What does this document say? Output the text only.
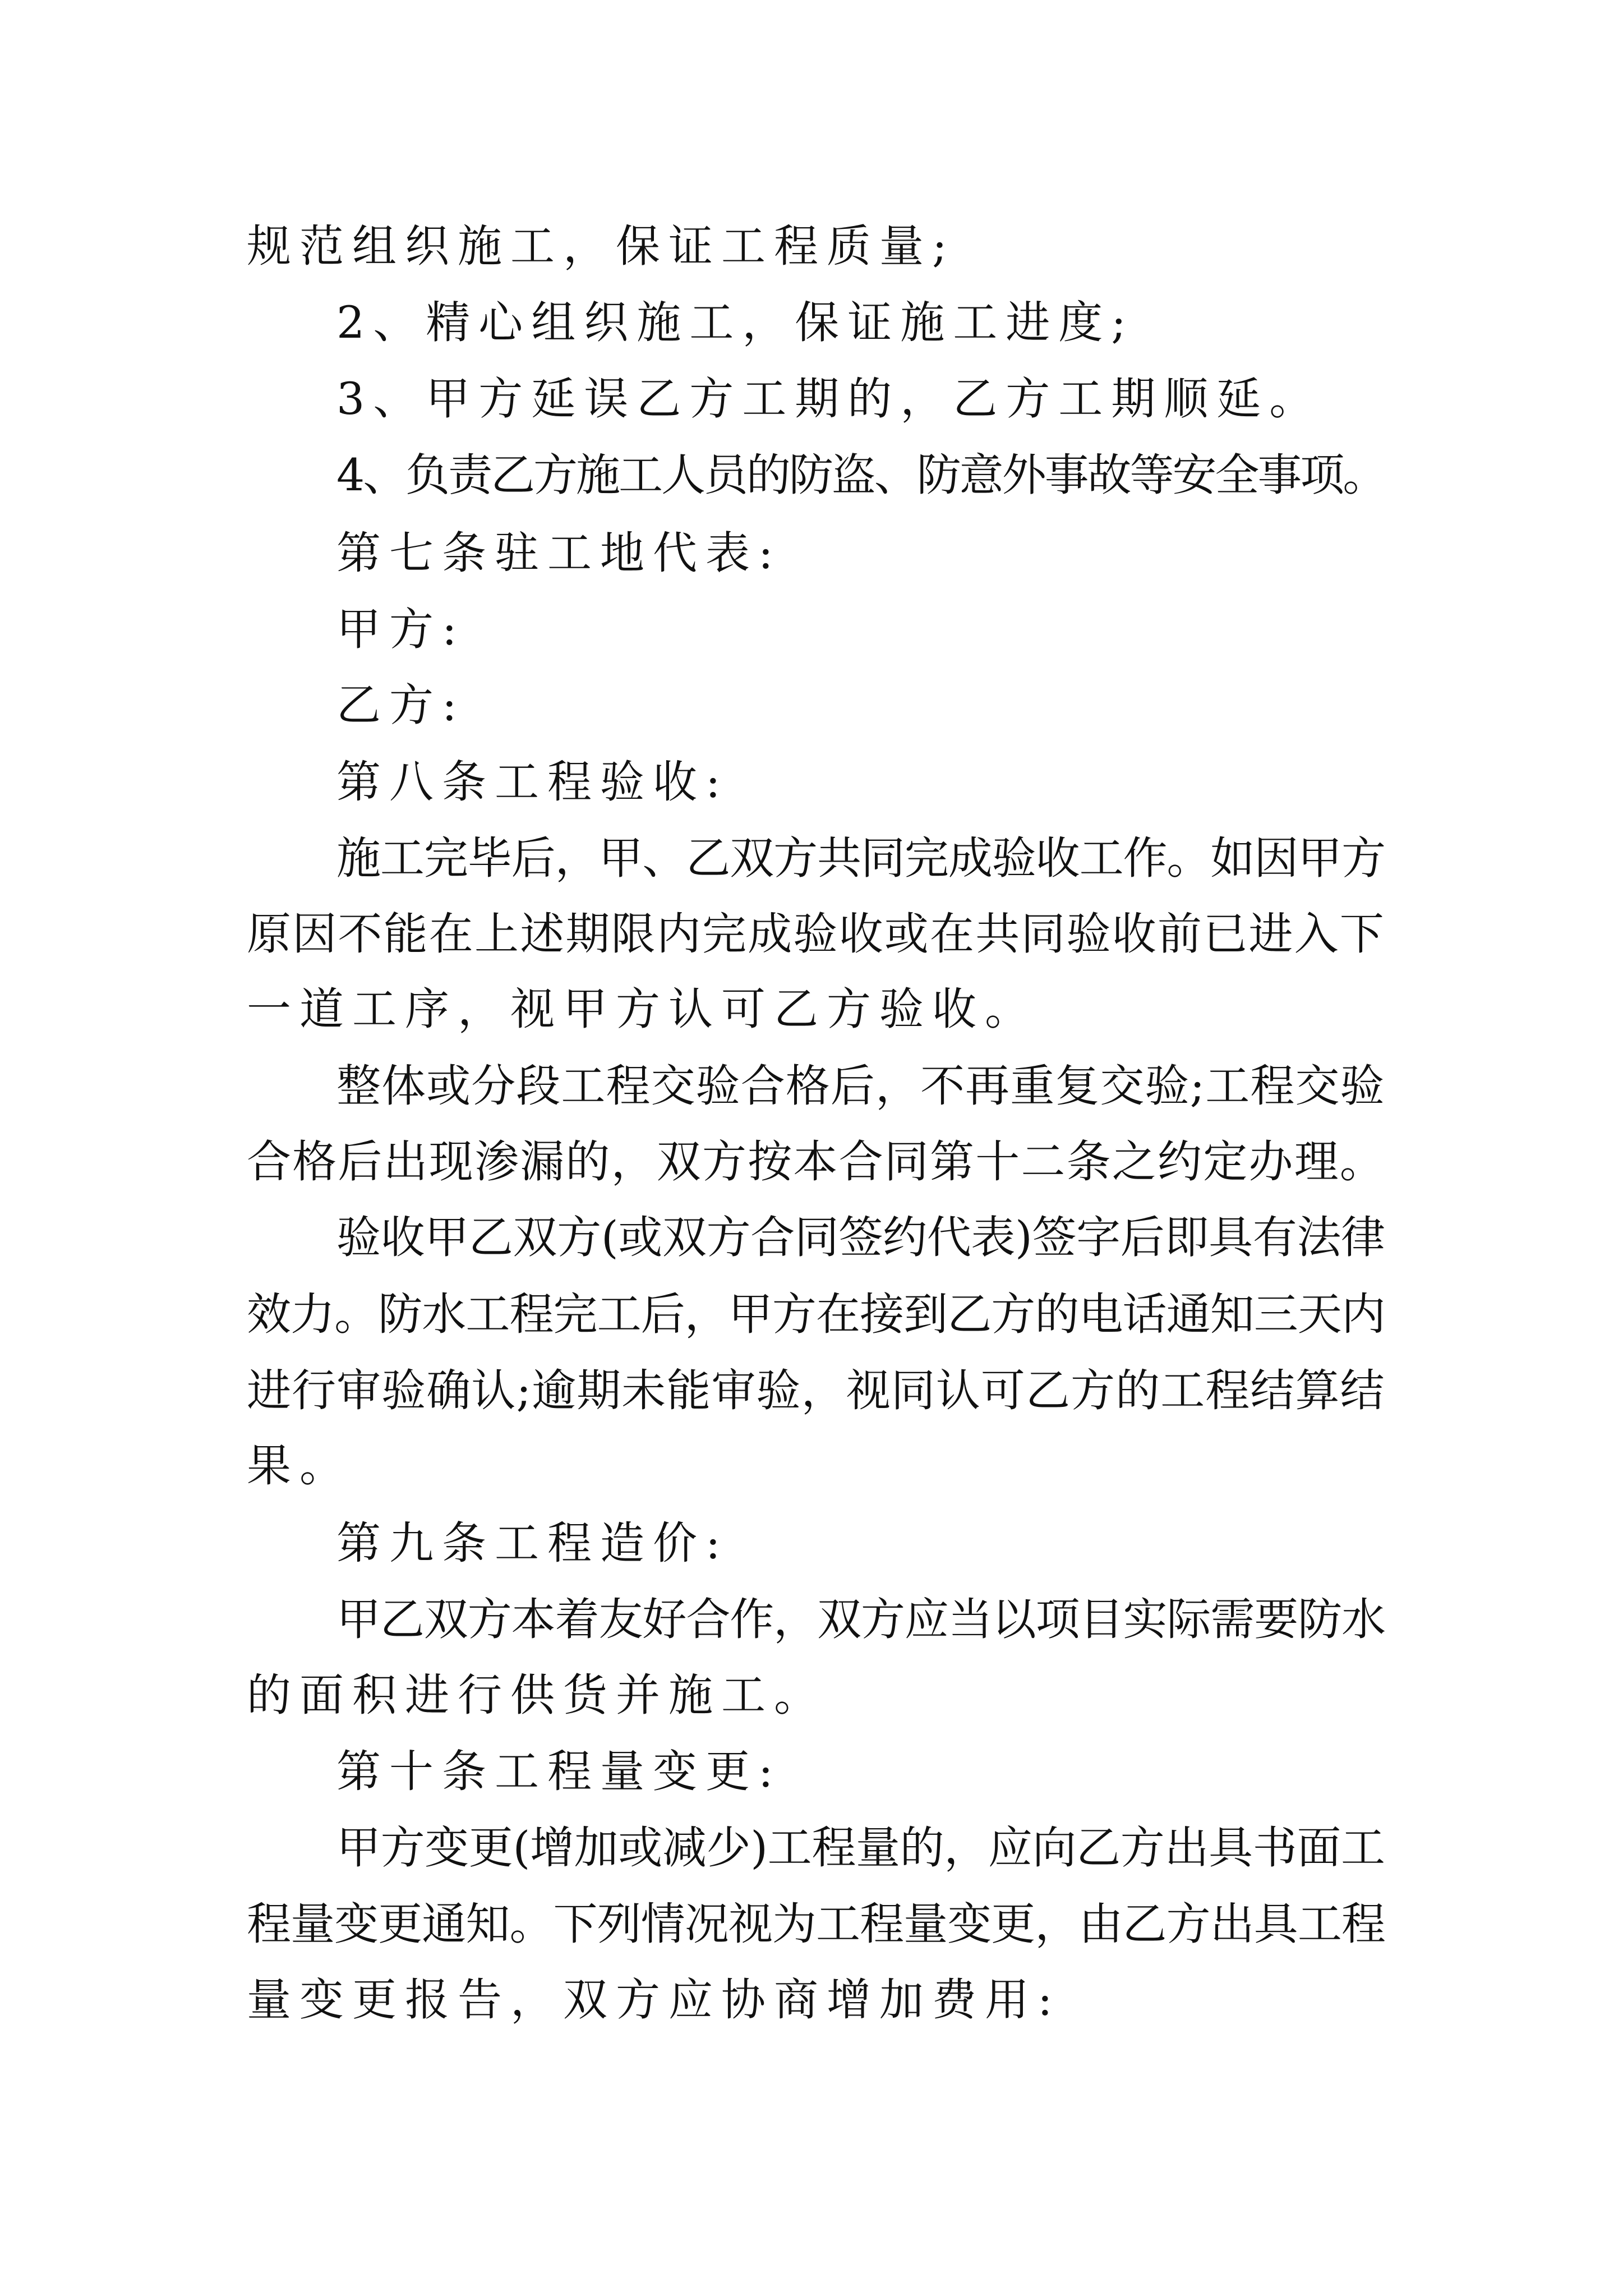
规范组织施工，保证工程质量;

2、精心组织施工，保证施工进度;

3、甲方延误乙方工期的，乙方工期顺延。

4、负责乙方施工人员的防盗、防意外事故等安全事项。

第七条驻工地代表:

甲方:

乙方:

第八条工程验收:

施工完毕后，甲、乙双方共同完成验收工作。如因甲方

原因不能在上述期限内完成验收或在共同验收前已进入下

一道工序，视甲方认可乙方验收。

整体或分段工程交验合格后，不再重复交验;工程交验

合格后出现渗漏的，双方按本合同第十二条之约定办理。

验收甲乙双方(或双方合同签约代表)签字后即具有法律

效力。防水工程完工后，甲方在接到乙方的电话通知三天内

进行审验确认;逾期未能审验，视同认可乙方的工程结算结

果。

第九条工程造价:

甲乙双方本着友好合作，双方应当以项目实际需要防水

的面积进行供货并施工。

第十条工程量变更:

甲方变更(增加或减少)工程量的，应向乙方出具书面工

程量变更通知。下列情况视为工程量变更，由乙方出具工程

量变更报告，双方应协商增加费用:
